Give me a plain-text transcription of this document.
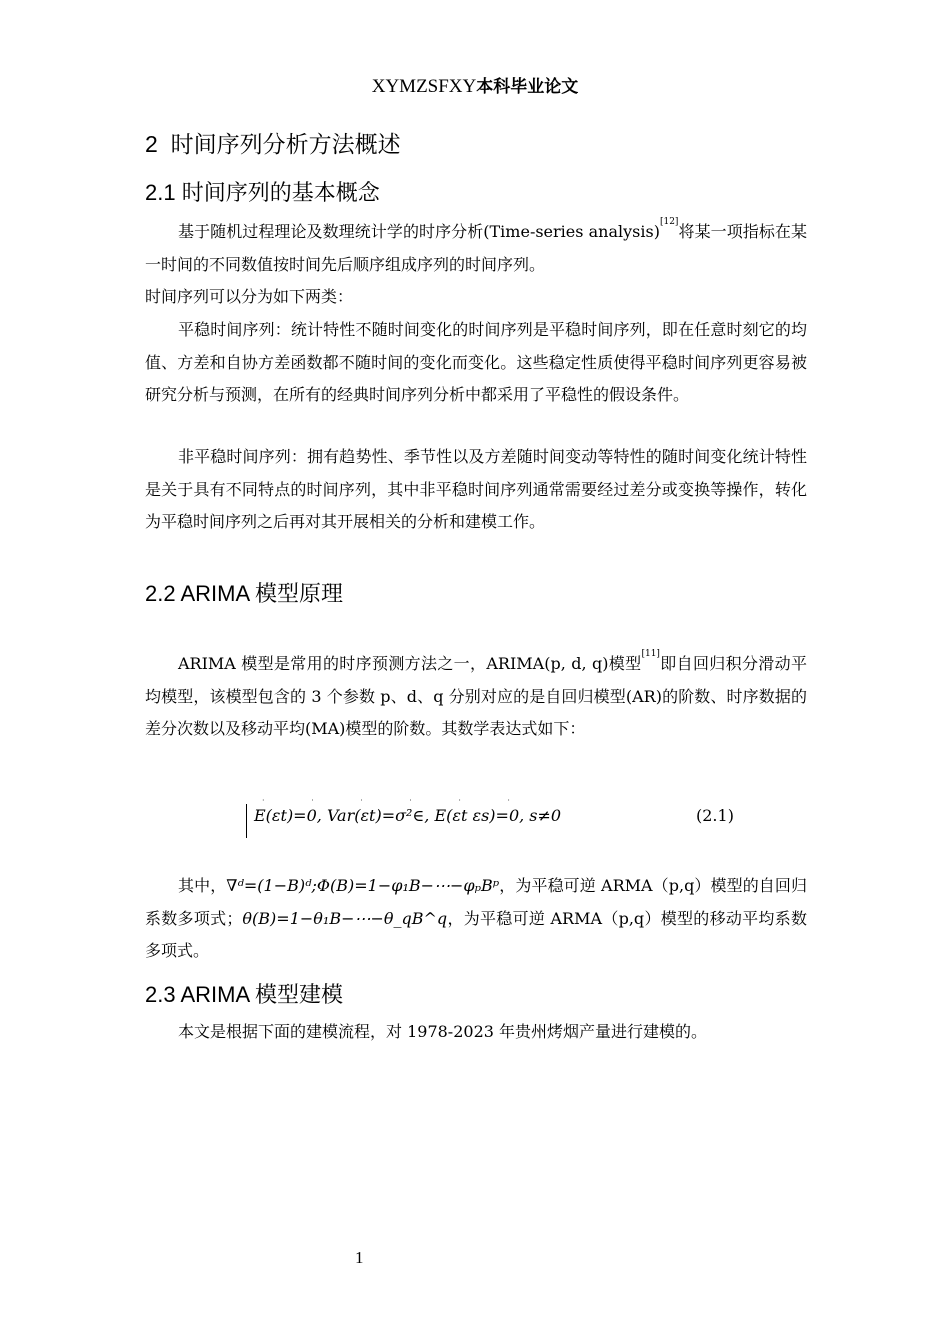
XYMZSFXY本科毕业论文
2  时间序列分析方法概述
2.1 时间序列的基本概念
基于随机过程理论及数理统计学的时序分析(Time-series analysis)[12]将某一项指标在某一时间的不同数值按时间先后顺序组成序列的时间序列。
时间序列可以分为如下两类：
平稳时间序列：统计特性不随时间变化的时间序列是平稳时间序列，即在任意时刻它的均值、方差和自协方差函数都不随时间的变化而变化。这些稳定性质使得平稳时间序列更容易被研究分析与预测，在所有的经典时间序列分析中都采用了平稳性的假设条件。
非平稳时间序列：拥有趋势性、季节性以及方差随时间变动等特性的随时间变化统计特性是关于具有不同特点的时间序列，其中非平稳时间序列通常需要经过差分或变换等操作，转化为平稳时间序列之后再对其开展相关的分析和建模工作。
2.2 ARIMA 模型原理
ARIMA 模型是常用的时序预测方法之一，ARIMA(p, d, q)模型[11]即自回归积分滑动平均模型，该模型包含的 3 个参数 p、d、q 分别对应的是自回归模型(AR)的阶数、时序数据的差分次数以及移动平均(MA)模型的阶数。其数学表达式如下：
· · · · · ·
E(εt)=0, Var(εt)=σ²∈, E(εt εs)=0, s≠0	(2.1)
其中，∇ᵈ=(1−B)ᵈ;Φ(B)=1−φ₁B−⋯−φₚBᵖ，为平稳可逆 ARMA（p,q）模型的自回归系数多项式；θ(B)=1−θ₁B−⋯−θ_qB^q，为平稳可逆 ARMA（p,q）模型的移动平均系数多项式。
2.3 ARIMA 模型建模
本文是根据下面的建模流程，对 1978-2023 年贵州烤烟产量进行建模的。
1
